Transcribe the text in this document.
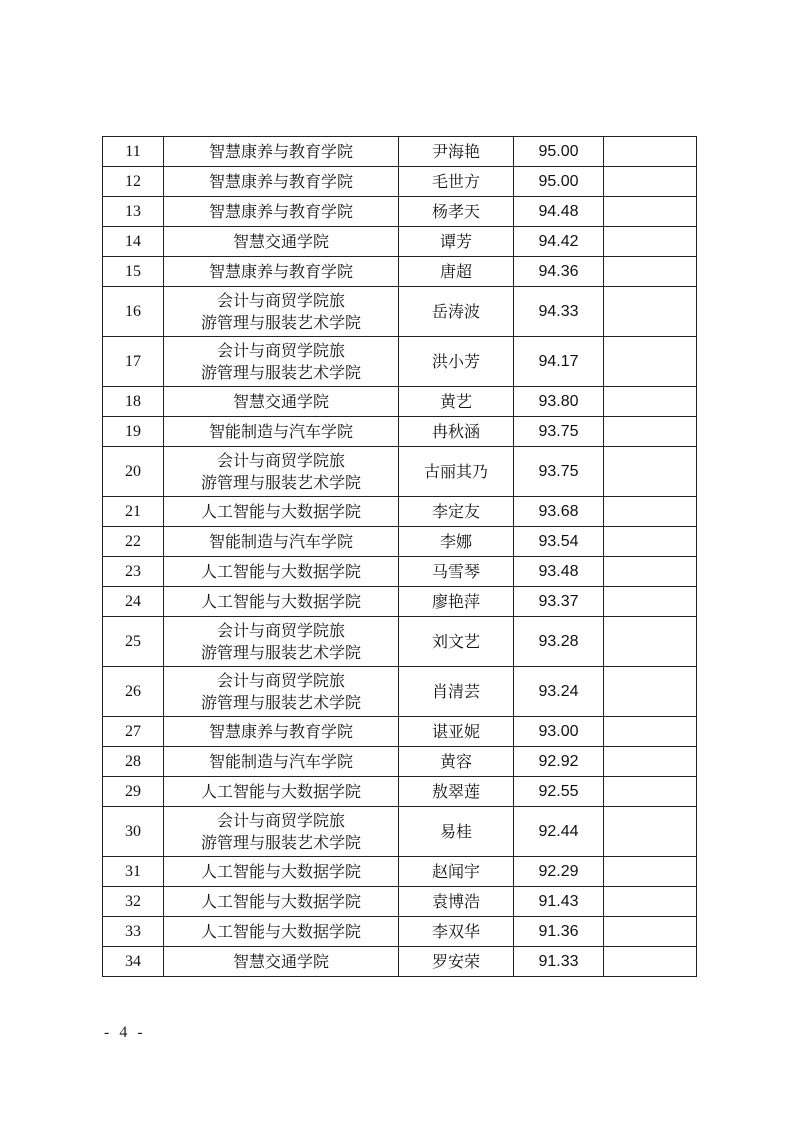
11	智慧康养与教育学院	尹海艳	95.00	
12	智慧康养与教育学院	毛世方	95.00	
13	智慧康养与教育学院	杨孝天	94.48	
14	智慧交通学院	谭芳	94.42	
15	智慧康养与教育学院	唐超	94.36	
16	会计与商贸学院旅
游管理与服装艺术学院	岳涛波	94.33	
17	会计与商贸学院旅
游管理与服装艺术学院	洪小芳	94.17	
18	智慧交通学院	黄艺	93.80	
19	智能制造与汽车学院	冉秋涵	93.75	
20	会计与商贸学院旅
游管理与服装艺术学院	古丽其乃	93.75	
21	人工智能与大数据学院	李定友	93.68	
22	智能制造与汽车学院	李娜	93.54	
23	人工智能与大数据学院	马雪琴	93.48	
24	人工智能与大数据学院	廖艳萍	93.37	
25	会计与商贸学院旅
游管理与服装艺术学院	刘文艺	93.28	
26	会计与商贸学院旅
游管理与服装艺术学院	肖清芸	93.24	
27	智慧康养与教育学院	谌亚妮	93.00	
28	智能制造与汽车学院	黄容	92.92	
29	人工智能与大数据学院	敖翠莲	92.55	
30	会计与商贸学院旅
游管理与服装艺术学院	易桂	92.44	
31	人工智能与大数据学院	赵闻宇	92.29	
32	人工智能与大数据学院	袁博浩	91.43	
33	人工智能与大数据学院	李双华	91.36	
34	智慧交通学院	罗安荣	91.33	
- 4 -
